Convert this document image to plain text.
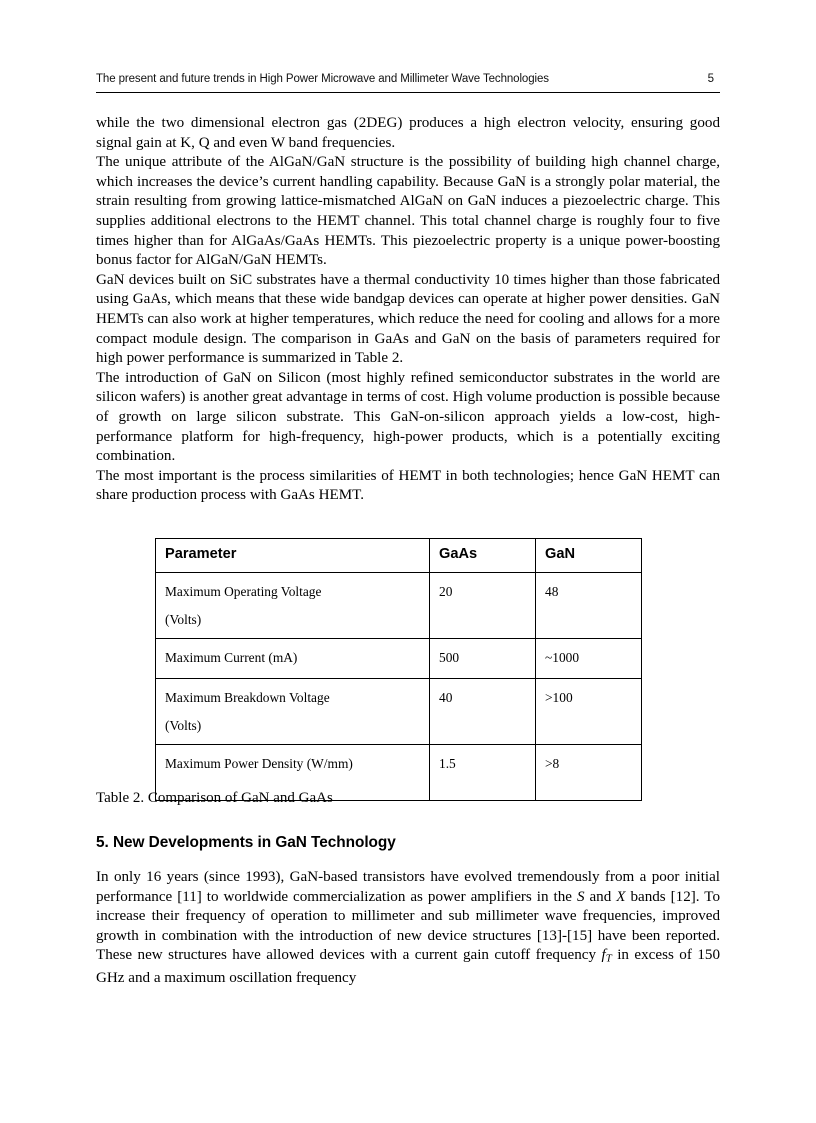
The present and future trends in High Power Microwave and Millimeter Wave Technologies	5

while the two dimensional electron gas (2DEG) produces a high electron velocity, ensuring good signal gain at K, Q and even W band frequencies.

The unique attribute of the AlGaN/GaN structure is the possibility of building high channel charge, which increases the device’s current handling capability. Because GaN is a strongly polar material, the strain resulting from growing lattice-mismatched AlGaN on GaN induces a piezoelectric charge. This supplies additional electrons to the HEMT channel. This total channel charge is roughly four to five times higher than for AlGaAs/GaAs HEMTs. This piezoelectric property is a unique power-boosting bonus factor for AlGaN/GaN HEMTs.

GaN devices built on SiC substrates have a thermal conductivity 10 times higher than those fabricated using GaAs, which means that these wide bandgap devices can operate at higher power densities. GaN HEMTs can also work at higher temperatures, which reduce the need for cooling and allows for a more compact module design. The comparison in GaAs and GaN on the basis of parameters required for high power performance is summarized in Table 2.

The introduction of GaN on Silicon (most highly refined semiconductor substrates in the world are silicon wafers) is another great advantage in terms of cost. High volume production is possible because of growth on large silicon substrate. This GaN-on-silicon approach yields a low-cost, high-performance platform for high-frequency, high-power products, which is a potentially exciting combination.

The most important is the process similarities of HEMT in both technologies; hence GaN HEMT can share production process with GaAs HEMT.

Parameter	GaAs	GaN
Maximum Operating Voltage
(Volts)	20	48
Maximum Current (mA)	500	~1000
Maximum Breakdown Voltage
(Volts)	40	>100
Maximum Power Density (W/mm)	1.5	>8
Table 2. Comparison of GaN and GaAs
5. New Developments in GaN Technology

In only 16 years (since 1993), GaN-based transistors have evolved tremendously from a poor initial performance [11] to worldwide commercialization as power amplifiers in the S and X bands [12]. To increase their frequency of operation to millimeter and sub millimeter wave frequencies, improved growth in combination with the introduction of new device structures [13]-[15] have been reported. These new structures have allowed devices with a current gain cutoff frequency $f_T$ in excess of 150 GHz and a maximum oscillation frequency
